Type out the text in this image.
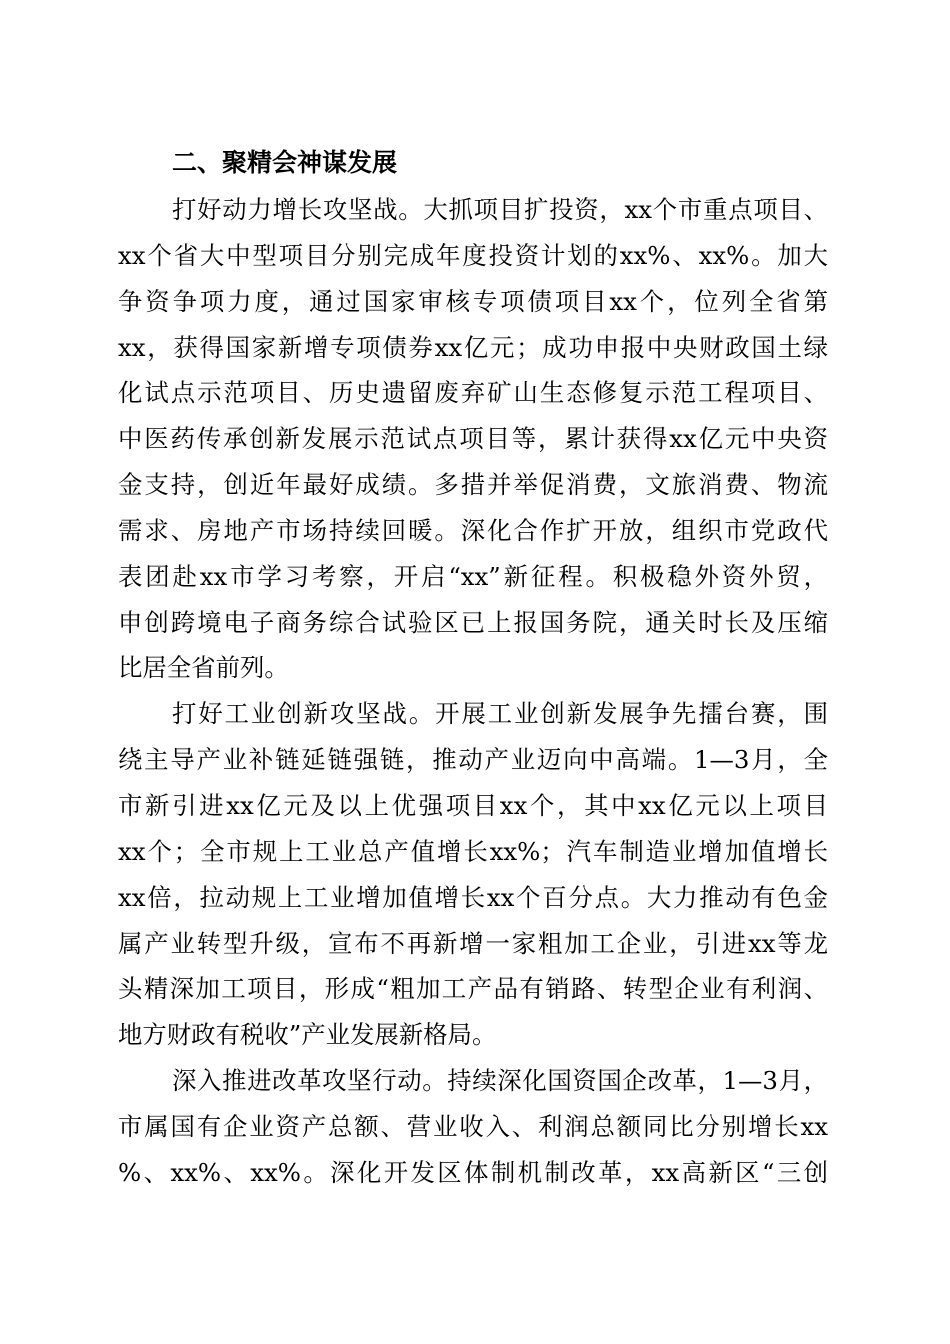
二、聚精会神谋发展
打好动力增长攻坚战。大抓项目扩投资，xx个市重点项目、
xx个省大中型项目分别完成年度投资计划的xx%、xx%。加大
争资争项力度，通过国家审核专项债项目xx个，位列全省第
xx，获得国家新增专项债券xx亿元；成功申报中央财政国土绿
化试点示范项目、历史遗留废弃矿山生态修复示范工程项目、
中医药传承创新发展示范试点项目等，累计获得xx亿元中央资
金支持，创近年最好成绩。多措并举促消费，文旅消费、物流
需求、房地产市场持续回暖。深化合作扩开放，组织市党政代
表团赴xx市学习考察，开启“xx”新征程。积极稳外资外贸，
申创跨境电子商务综合试验区已上报国务院，通关时长及压缩
比居全省前列。
打好工业创新攻坚战。开展工业创新发展争先擂台赛，围
绕主导产业补链延链强链，推动产业迈向中高端。1—3月，全
市新引进xx亿元及以上优强项目xx个，其中xx亿元以上项目
xx个；全市规上工业总产值增长xx%；汽车制造业增加值增长
xx倍，拉动规上工业增加值增长xx个百分点。大力推动有色金
属产业转型升级，宣布不再新增一家粗加工企业，引进xx等龙
头精深加工项目，形成“粗加工产品有销路、转型企业有利润、
地方财政有税收”产业发展新格局。
深入推进改革攻坚行动。持续深化国资国企改革，1—3月，
市属国有企业资产总额、营业收入、利润总额同比分别增长xx
%、xx%、xx%。深化开发区体制机制改革，xx高新区“三创
